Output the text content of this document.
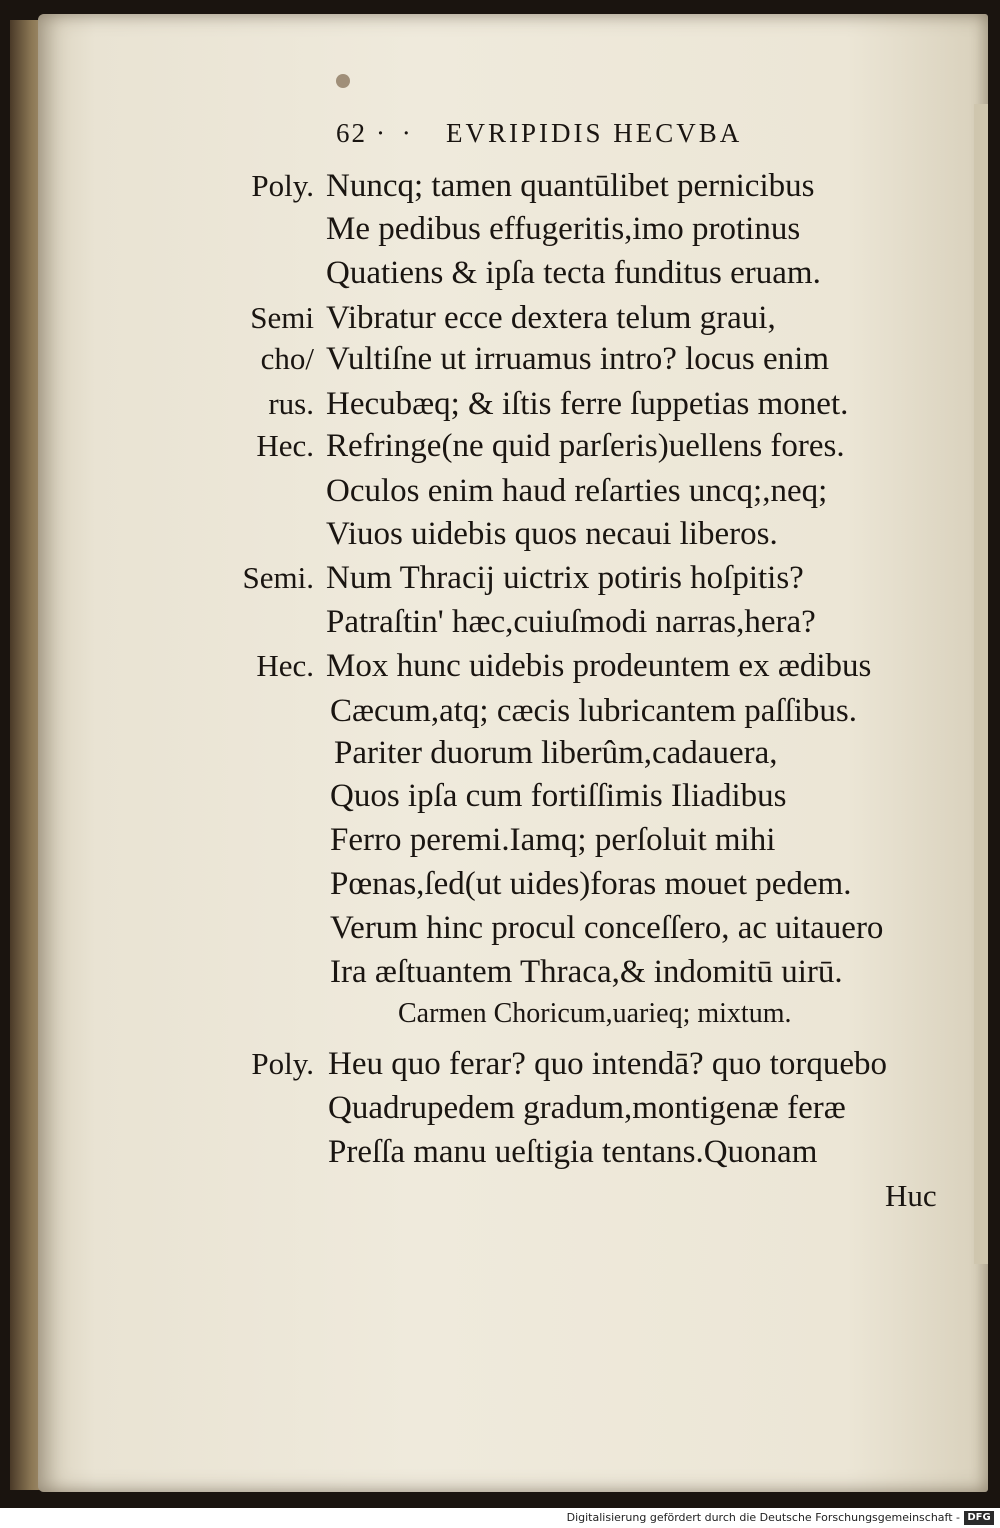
62 · · EVRIPIDIS HECVBA
Poly. Nuncq; tamen quantūlibet pernicibus
Me pedibus effugeritis,imo protinus
Quatiens & ipſa tecta funditus eruam.
Semi Vibratur ecce dextera telum graui,
cho/ Vultiſne ut irruamus intro? locus enim
rus. Hecubæq; & iſtis ferre ſuppetias monet.
Hec. Refringe(ne quid parſeris)uellens fores.
Oculos enim haud reſarties uncq;,neq;
Viuos uidebis quos necaui liberos.
Semi. Num Thracij uictrix potiris hoſpitis?
Patraſtin' hæc,cuiuſmodi narras,hera?
Hec. Mox hunc uidebis prodeuntem ex ædibus
Cæcum,atq; cæcis lubricantem paſſibus.
Pariter duorum liberûm,cadauera,
Quos ipſa cum fortiſſimis Iliadibus
Ferro peremi.Iamq; perſoluit mihi
Pœnas,ſed(ut uides)foras mouet pedem.
Verum hinc procul conceſſero, ac uitauero
Ira æſtuantem Thraca,& indomitū uirū.
Carmen Choricum,uarieq; mixtum.
Poly. Heu quo ferar? quo intendā? quo torquebo
Quadrupedem gradum,montigenæ feræ
Preſſa manu ueſtigia tentans.Quonam
Huc
Digitalisierung gefördert durch die Deutsche Forschungsgemeinschaft - DFG
